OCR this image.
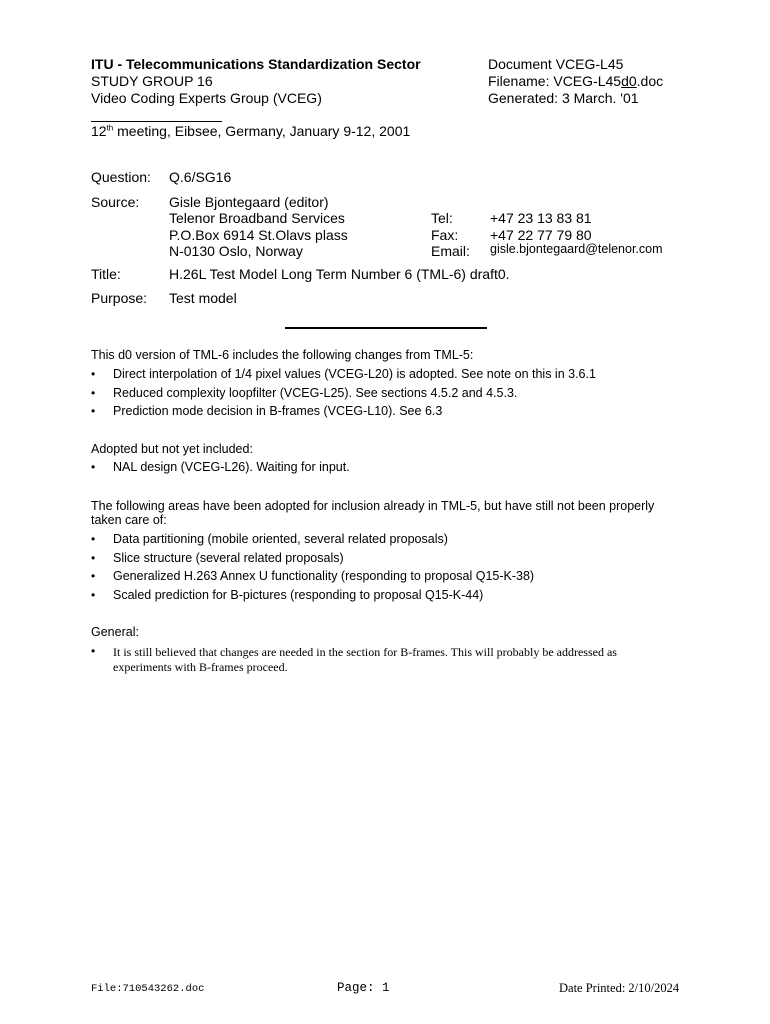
ITU - Telecommunications Standardization Sector
STUDY GROUP 16
Video Coding Experts Group (VCEG)
Document VCEG-L45
Filename: VCEG-L45d0.doc
Generated: 3 March. '01
12th meeting, Eibsee, Germany, January 9-12, 2001
Question: Q.6/SG16
Source: Gisle Bjontegaard (editor)
Telenor Broadband Services
P.O.Box 6914 St.Olavs plass
N-0130 Oslo, Norway
Tel:	+47 23 13 83 81
Fax: +47 22 77 79 80
Email: gisle.bjontegaard@telenor.com
Title:	H.26L Test Model Long Term Number 6 (TML-6) draft0.
Purpose: Test model
This d0 version of TML-6 includes the following changes from TML-5:
• Direct interpolation of 1/4 pixel values (VCEG-L20) is adopted. See note on this in 3.6.1
• Reduced complexity loopfilter (VCEG-L25). See sections 4.5.2 and 4.5.3.
• Prediction mode decision in B-frames (VCEG-L10). See 6.3
Adopted but not yet included:
• NAL design (VCEG-L26). Waiting for input.
The following areas have been adopted for inclusion already in TML-5, but have still not been properly
taken care of:
• Data partitioning (mobile oriented, several related proposals)
• Slice structure (several related proposals)
• Generalized H.263 Annex U functionality (responding to proposal Q15-K-38)
• Scaled prediction for B-pictures (responding to proposal Q15-K-44)
General:
• It is still believed that changes are needed in the section for B-frames. This will probably be addressed as
experiments with B-frames proceed.
File:710543262.doc	Page: 1	Date Printed: 2/10/2024
